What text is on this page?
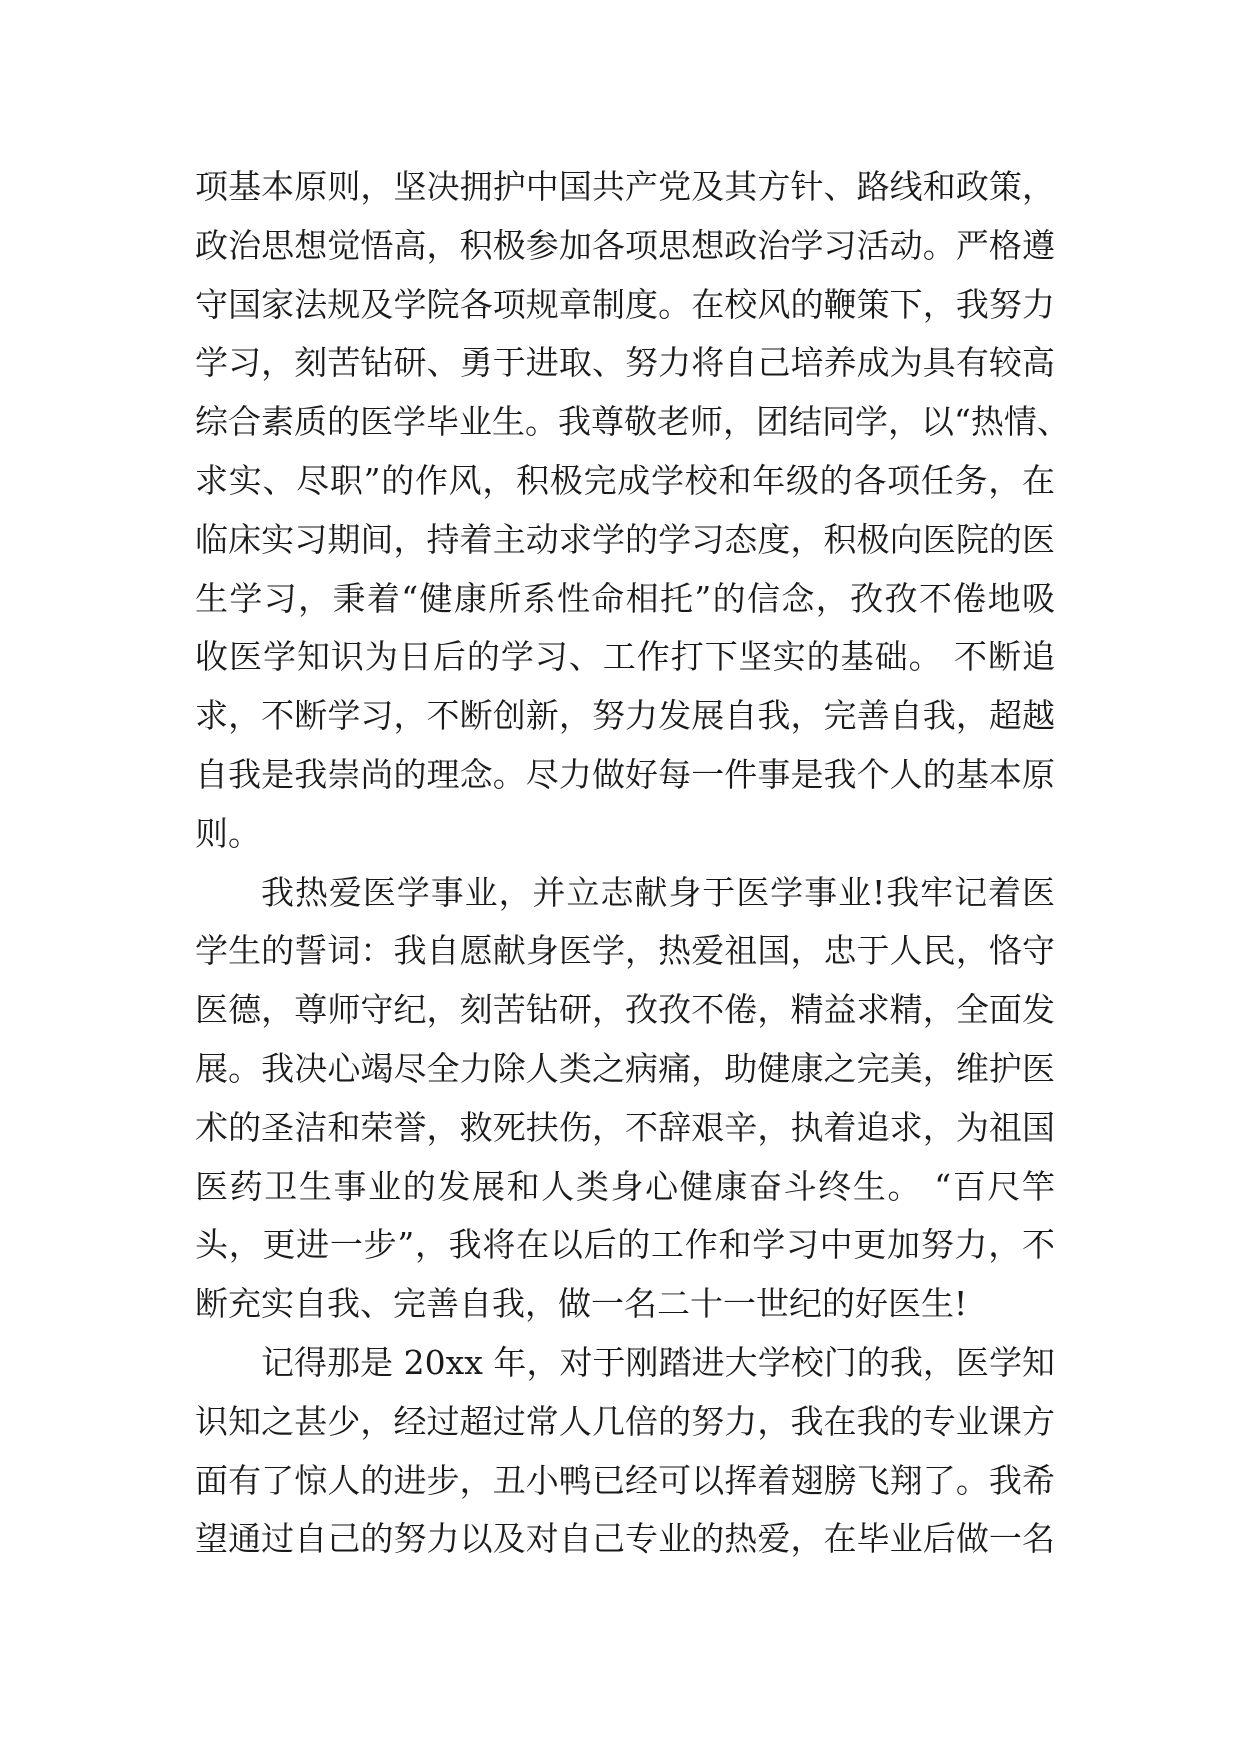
项基本原则，坚决拥护中国共产党及其方针、路线和政策，
政治思想觉悟高，积极参加各项思想政治学习活动。严格遵
守国家法规及学院各项规章制度。在校风的鞭策下，我努力
学习，刻苦钻研、勇于进取、努力将自己培养成为具有较高
综合素质的医学毕业生。我尊敬老师，团结同学，以“热情、
求实、尽职”的作风，积极完成学校和年级的各项任务，在
临床实习期间，持着主动求学的学习态度，积极向医院的医
生学习，秉着“健康所系性命相托”的信念，孜孜不倦地吸
收医学知识为日后的学习、工作打下坚实的基础。 不断追
求，不断学习，不断创新，努力发展自我，完善自我，超越
自我是我崇尚的理念。尽力做好每一件事是我个人的基本原
则。
我热爱医学事业，并立志献身于医学事业!我牢记着医
学生的誓词：我自愿献身医学，热爱祖国，忠于人民，恪守
医德，尊师守纪，刻苦钻研，孜孜不倦，精益求精，全面发
展。我决心竭尽全力除人类之病痛，助健康之完美，维护医
术的圣洁和荣誉，救死扶伤，不辞艰辛，执着追求，为祖国
医药卫生事业的发展和人类身心健康奋斗终生。 “百尺竿
头，更进一步”，我将在以后的工作和学习中更加努力，不
断充实自我、完善自我，做一名二十一世纪的好医生!
记得那是 20xx 年，对于刚踏进大学校门的我，医学知
识知之甚少，经过超过常人几倍的努力，我在我的专业课方
面有了惊人的进步，丑小鸭已经可以挥着翅膀飞翔了。我希
望通过自己的努力以及对自己专业的热爱，在毕业后做一名
